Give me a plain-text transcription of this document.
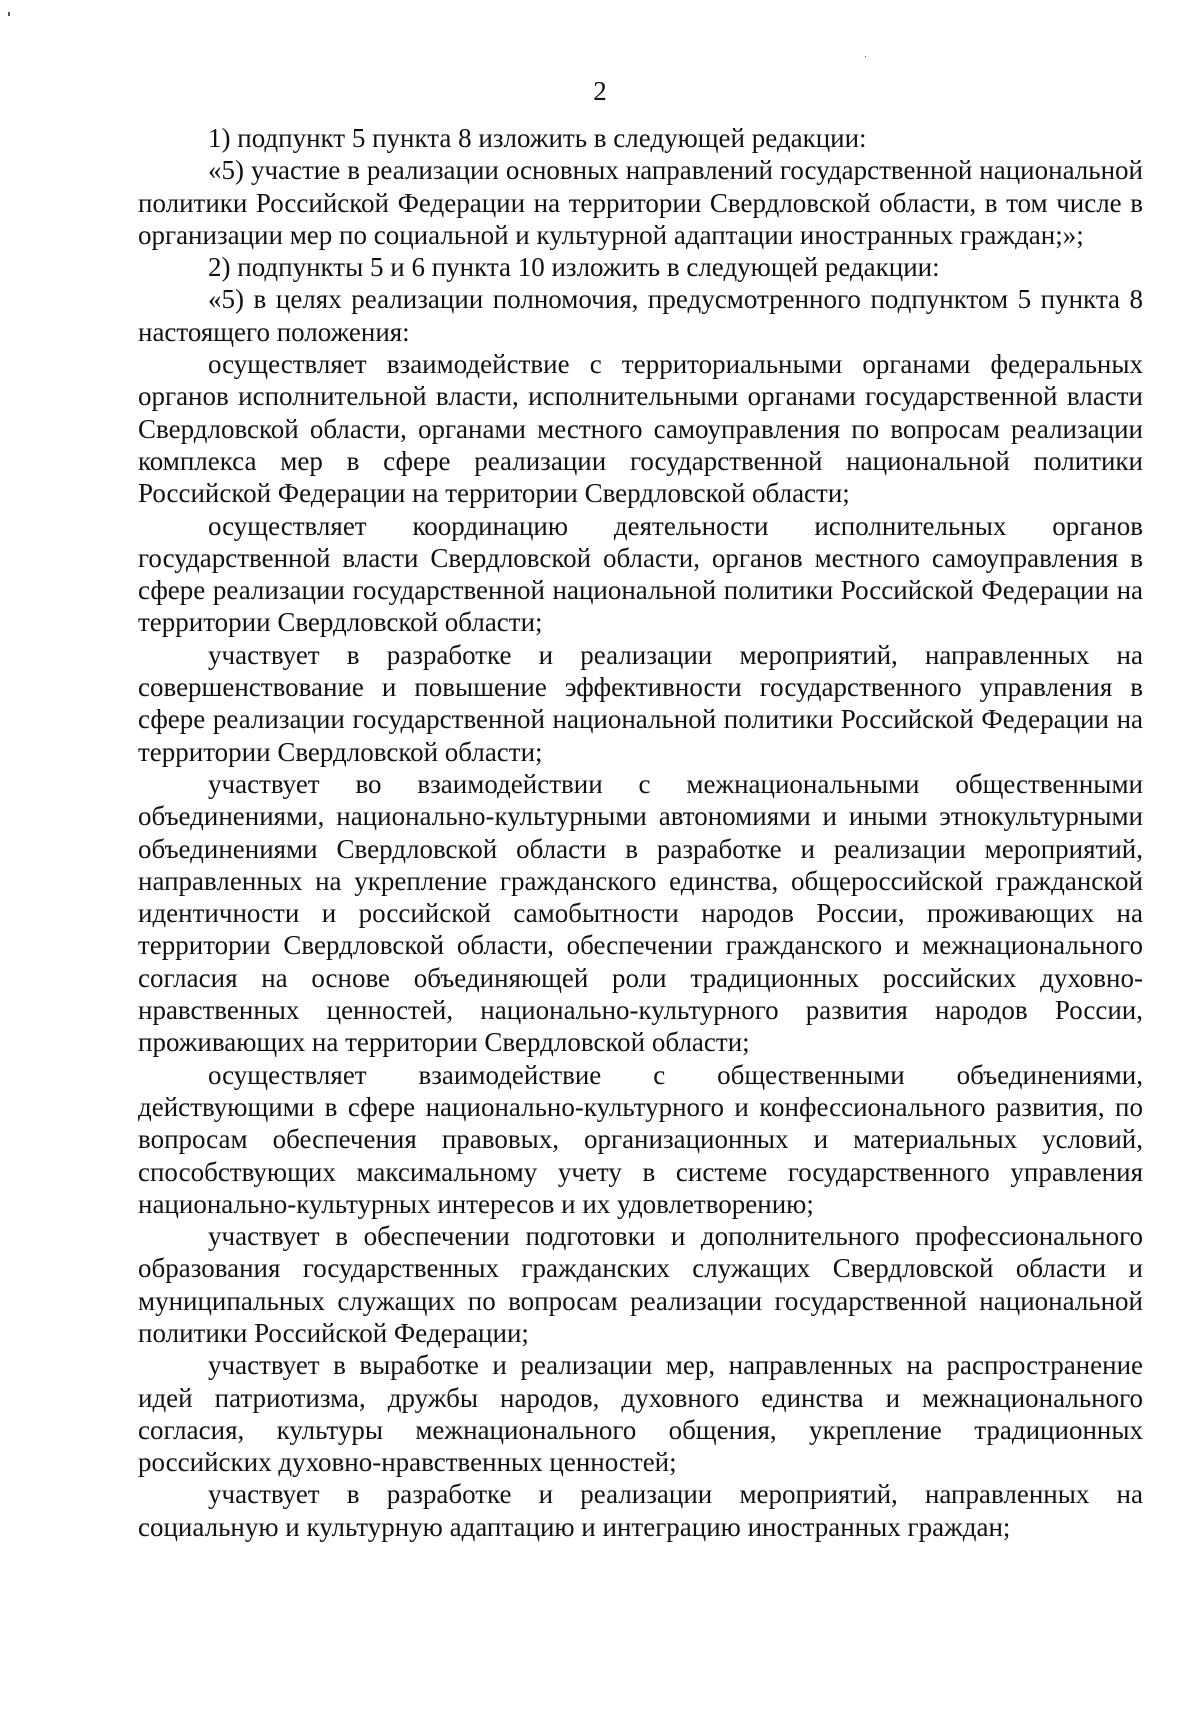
2

1) подпункт 5 пункта 8 изложить в следующей редакции:

«5) участие в реализации основных направлений государственной национальной политики Российской Федерации на территории Свердловской области, в том числе в организации мер по социальной и культурной адаптации иностранных граждан;»;

2) подпункты 5 и 6 пункта 10 изложить в следующей редакции:

«5) в целях реализации полномочия, предусмотренного подпунктом 5 пункта 8 настоящего положения:

осуществляет взаимодействие с территориальными органами федеральных органов исполнительной власти, исполнительными органами государственной власти Свердловской области, органами местного самоуправления по вопросам реализации комплекса мер в сфере реализации государственной национальной политики Российской Федерации на территории Свердловской области;

осуществляет координацию деятельности исполнительных органов государственной власти Свердловской области, органов местного самоуправления в сфере реализации государственной национальной политики Российской Федерации на территории Свердловской области;

участвует в разработке и реализации мероприятий, направленных на совершенствование и повышение эффективности государственного управления в сфере реализации государственной национальной политики Российской Федерации на территории Свердловской области;

участвует во взаимодействии с межнациональными общественными объединениями, национально-культурными автономиями и иными этнокультурными объединениями Свердловской области в разработке и реализации мероприятий, направленных на укрепление гражданского единства, общероссийской гражданской идентичности и российской самобытности народов России, проживающих на территории Свердловской области, обеспечении гражданского и межнационального согласия на основе объединяющей роли традиционных российских духовно-нравственных ценностей, национально-культурного развития народов России, проживающих на территории Свердловской области;

осуществляет взаимодействие с общественными объединениями, действующими в сфере национально-культурного и конфессионального развития, по вопросам обеспечения правовых, организационных и материальных условий, способствующих максимальному учету в системе государственного управления национально-культурных интересов и их удовлетворению;

участвует в обеспечении подготовки и дополнительного профессионального образования государственных гражданских служащих Свердловской области и муниципальных служащих по вопросам реализации государственной национальной политики Российской Федерации;

участвует в выработке и реализации мер, направленных на распространение идей патриотизма, дружбы народов, духовного единства и межнационального согласия, культуры межнационального общения, укрепление традиционных российских духовно-нравственных ценностей;

участвует в разработке и реализации мероприятий, направленных на социальную и культурную адаптацию и интеграцию иностранных граждан;
